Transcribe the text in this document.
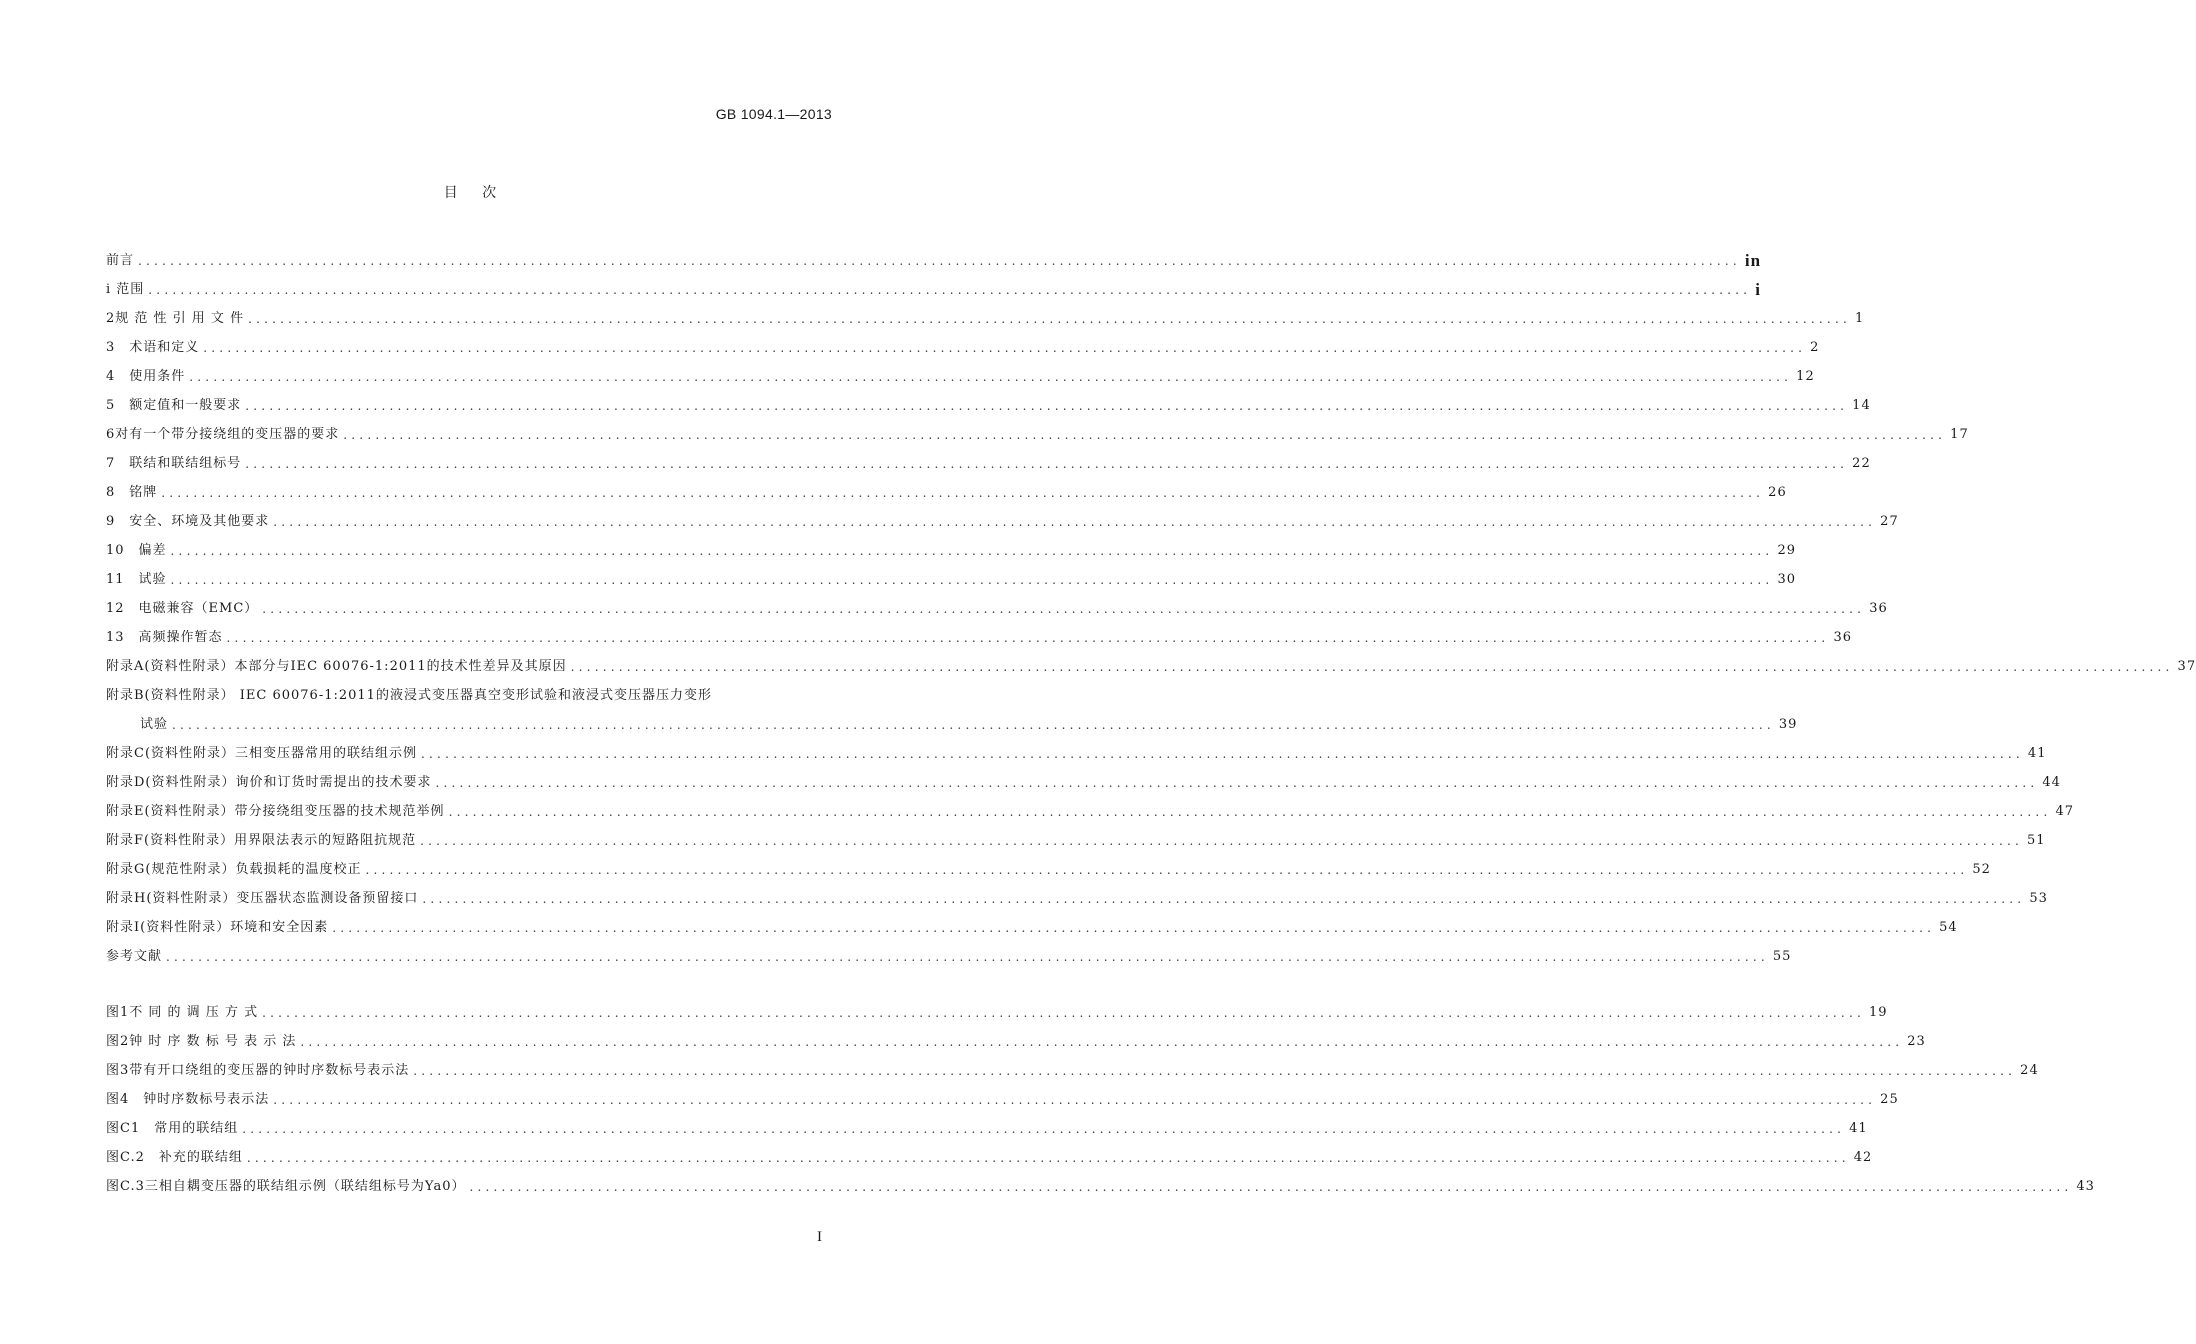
GB 1094.1—2013
目 次
前言 ........................................................................................................................................................................................................ in
i 范围 ........................................................................................................................................................................................................ i
2规 范 性 引 用 文 件 ........................................................................................................................................................................................................ 1
3　术语和定义 ........................................................................................................................................................................................................ 2
4　使用条件 ........................................................................................................................................................................................................ 12
5　额定值和一般要求 ........................................................................................................................................................................................................ 14
6对有一个带分接绕组的变压器的要求 ........................................................................................................................................................................................................ 17
7　联结和联结组标号 ........................................................................................................................................................................................................ 22
8　铭牌 ........................................................................................................................................................................................................ 26
9　安全、环境及其他要求 ........................................................................................................................................................................................................ 27
10　偏差 ........................................................................................................................................................................................................ 29
11　试验 ........................................................................................................................................................................................................ 30
12　电磁兼容（EMC） ........................................................................................................................................................................................................ 36
13　高频操作暂态 ........................................................................................................................................................................................................ 36
附录A(资料性附录）本部分与IEC 60076-1:2011的技术性差异及其原因 ........................................................................................................................................................................................................ 37
附录B(资料性附录） IEC 60076-1:2011的液浸式变压器真空变形试验和液浸式变压器压力变形
试验 ........................................................................................................................................................................................................ 39
附录C(资料性附录）三相变压器常用的联结组示例 ........................................................................................................................................................................................................ 41
附录D(资料性附录）询价和订货时需提出的技术要求 ........................................................................................................................................................................................................ 44
附录E(资料性附录）带分接绕组变压器的技术规范举例 ........................................................................................................................................................................................................ 47
附录F(资料性附录）用界限法表示的短路阻抗规范 ........................................................................................................................................................................................................ 51
附录G(规范性附录）负载损耗的温度校正 ........................................................................................................................................................................................................ 52
附录H(资料性附录）变压器状态监测设备预留接口 ........................................................................................................................................................................................................ 53
附录I(资料性附录）环境和安全因素 ........................................................................................................................................................................................................ 54
参考文献 ........................................................................................................................................................................................................ 55
图1不 同 的 调 压 方 式 ........................................................................................................................................................................................................ 19
图2钟 时 序 数 标 号 表 示 法 ........................................................................................................................................................................................................ 23
图3带有开口绕组的变压器的钟时序数标号表示法 ........................................................................................................................................................................................................ 24
图4　钟时序数标号表示法 ........................................................................................................................................................................................................ 25
图C1　常用的联结组 ........................................................................................................................................................................................................ 41
图C.2　补充的联结组 ........................................................................................................................................................................................................ 42
图C.3三相自耦变压器的联结组示例（联结组标号为Ya0） ........................................................................................................................................................................................................ 43
I
